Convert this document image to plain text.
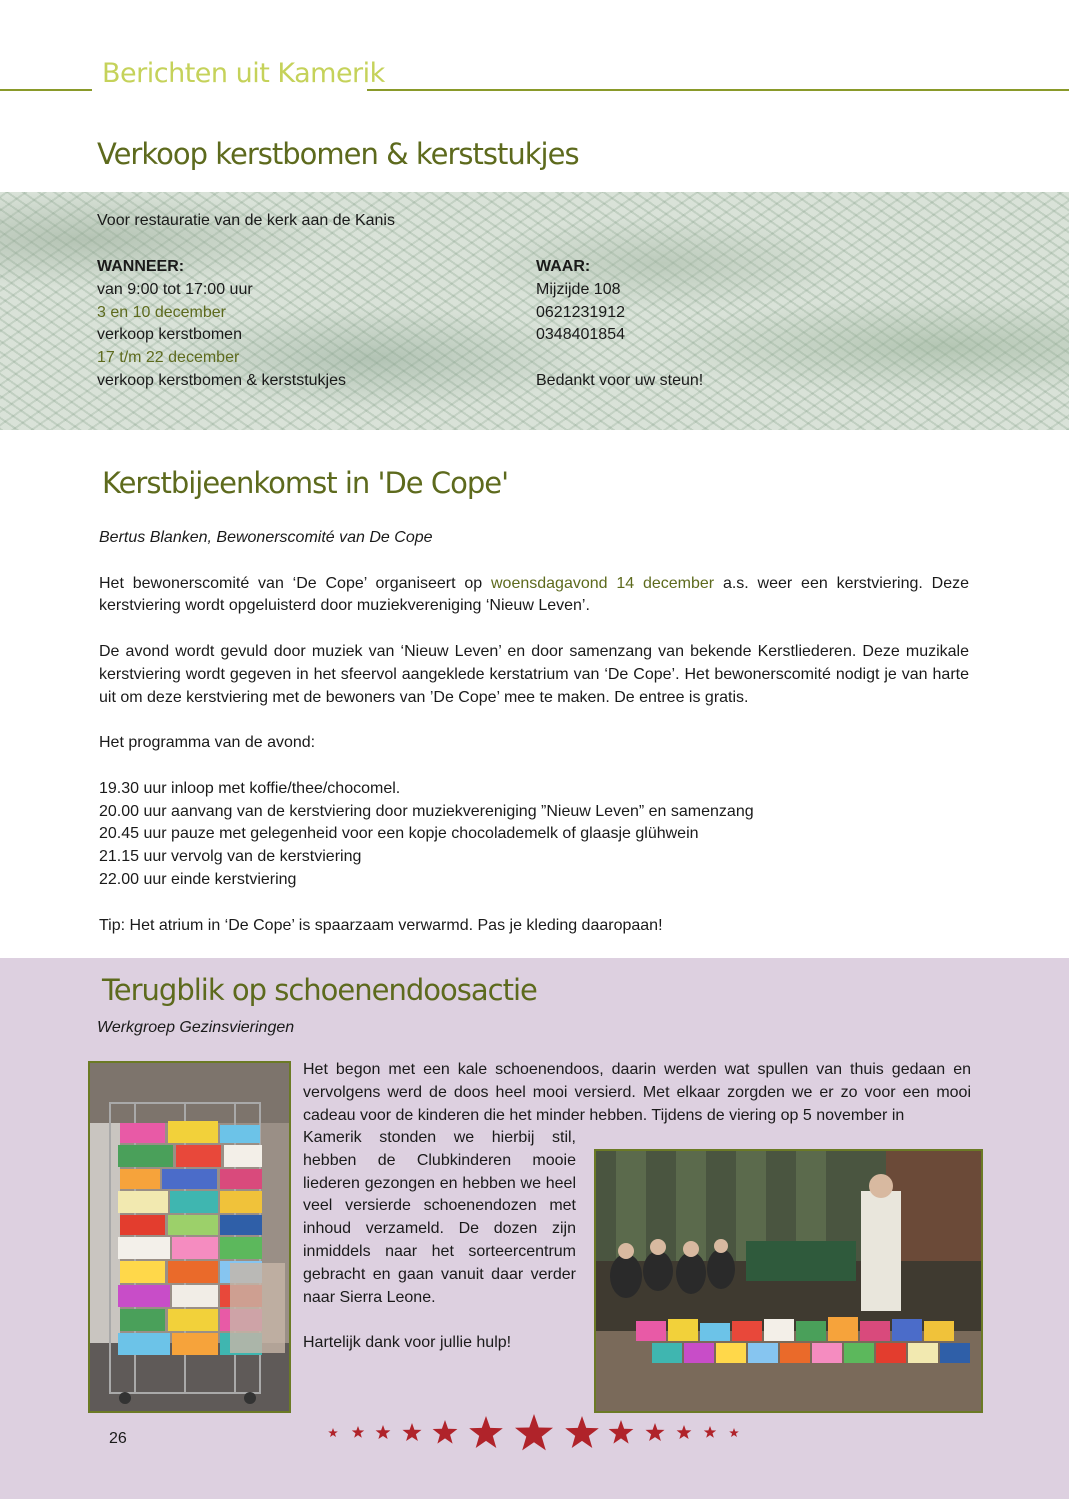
Berichten uit Kamerik
Verkoop kerstbomen & kerststukjes
Voor restauratie van de kerk aan de Kanis

WANNEER:

van 9:00 tot 17:00 uur

3 en 10 december

verkoop kerstbomen

17 t/m 22 december

verkoop kerstbomen & kerststukjes

WAAR:

Mijzijde 108

0621231912

0348401854

Bedankt voor uw steun!

Kerstbijeenkomst in 'De Cope'

Bertus Blanken, Bewonerscomité van De Cope

Het bewonerscomité van ‘De Cope’ organiseert op woensdagavond 14 december a.s. weer een kerstviering. Deze kerstviering wordt opgeluisterd door muziekvereniging ‘Nieuw Leven’.

De avond wordt gevuld door muziek van ‘Nieuw Leven’ en door samenzang van bekende Kerstliederen. Deze muzikale kerstviering wordt gegeven in het sfeervol aangeklede kerstatrium van ‘De Cope’. Het bewonerscomité nodigt je van harte uit om deze kerstviering met de bewoners van ’De Cope’ mee te maken. De entree is gratis.

Het programma van de avond:

19.30 uur inloop met koffie/thee/chocomel.

20.00 uur aanvang van de kerstviering door muziekvereniging ”Nieuw Leven” en samenzang

20.45 uur pauze met gelegenheid voor een kopje chocolademelk of glaasje glühwein

21.15 uur vervolg van de kerstviering

22.00 uur einde kerstviering

Tip: Het atrium in ‘De Cope’ is spaarzaam verwarmd. Pas je kleding daaropaan!

Terugblik op schoenendoosactie
Werkgroep Gezinsvieringen
Het begon met een kale schoenendoos, daarin werden wat spullen van thuis gedaan en vervolgens werd de doos heel mooi versierd. Met elkaar zorgden we er zo voor een mooi cadeau voor de kinderen die het minder hebben. Tijdens de viering op 5 november in

Kamerik stonden we hierbij stil, hebben de Clubkinderen mooie liederen gezongen en hebben we heel veel versierde schoenendozen met inhoud verzameld. De dozen zijn inmiddels naar het sorteercentrum gebracht en gaan vanuit daar verder naar Sierra Leone.

Hartelijk dank voor jullie hulp!

26
